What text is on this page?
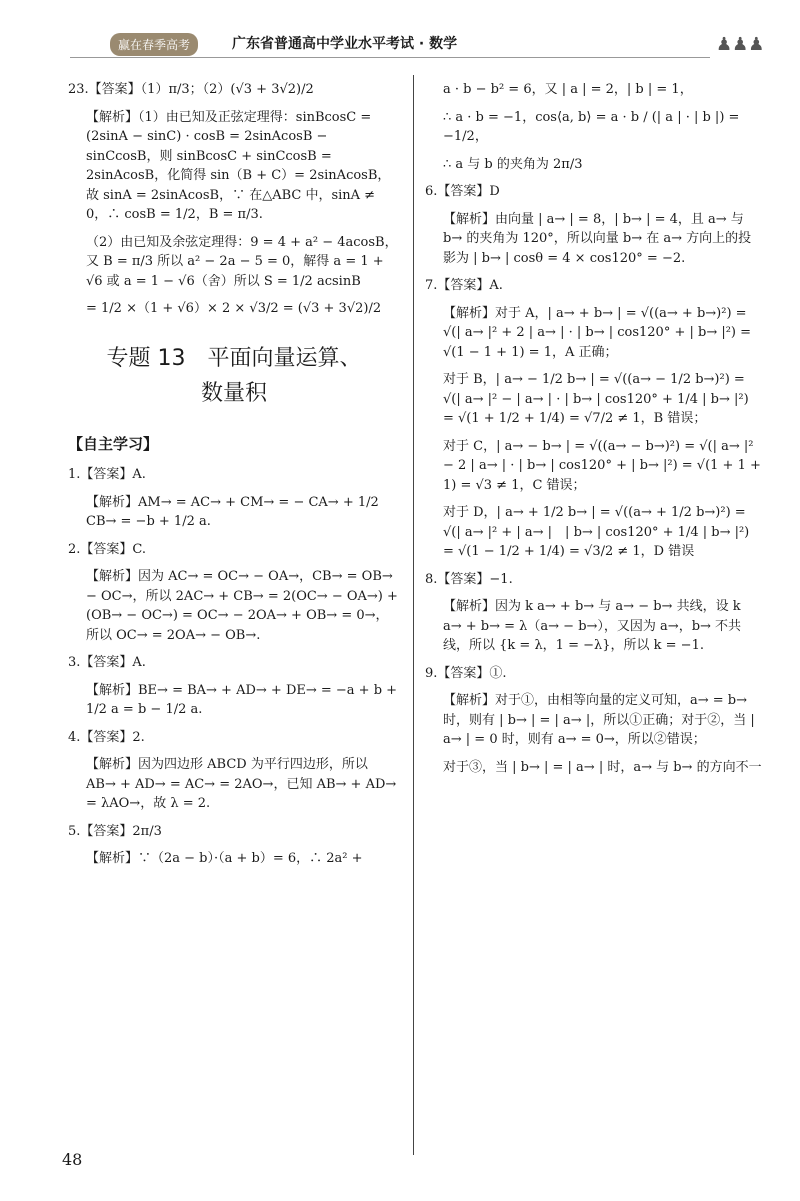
赢在春季高考	广东省普通高中学业水平考试 · 数学	♟♟♟

23.【答案】（1）π/3；（2）(√3 + 3√2)/2

【解析】（1）由已知及正弦定理得：sinBcosC = (2sinA − sinC) · cosB = 2sinAcosB − sinCcosB，则 sinBcosC + sinCcosB = 2sinAcosB，化简得 sin（B + C）= 2sinAcosB，故 sinA = 2sinAcosB，∵ 在△ABC 中，sinA ≠ 0，∴ cosB = 1/2，B = π/3.

（2）由已知及余弦定理得：9 = 4 + a² − 4acosB，又 B = π/3 所以 a² − 2a − 5 = 0，解得 a = 1 + √6 或 a = 1 − √6（舍）所以 S = 1/2 acsinB

= 1/2 ×（1 + √6）× 2 × √3/2 = (√3 + 3√2)/2

专题 13　平面向量运算、
数量积
【自主学习】

1.【答案】A.

【解析】AM→ = AC→ + CM→ = − CA→ + 1/2 CB→ = −b + 1/2 a.

2.【答案】C.

【解析】因为 AC→ = OC→ − OA→，CB→ = OB→ − OC→，所以 2AC→ + CB→ = 2(OC→ − OA→) + (OB→ − OC→) = OC→ − 2OA→ + OB→ = 0→，所以 OC→ = 2OA→ − OB→.

3.【答案】A.

【解析】BE→ = BA→ + AD→ + DE→ = −a + b + 1/2 a = b − 1/2 a.

4.【答案】2.

【解析】因为四边形 ABCD 为平行四边形，所以 AB→ + AD→ = AC→ = 2AO→，已知 AB→ + AD→ = λAO→，故 λ = 2.

5.【答案】2π/3

【解析】∵（2a − b）·（a + b）= 6，∴ 2a² +

a · b − b² = 6，又 | a | = 2，| b | = 1，

∴ a · b = −1，cos⟨a, b⟩ = a · b / (| a | · | b |) = −1/2，

∴ a 与 b 的夹角为 2π/3

6.【答案】D

【解析】由向量 | a→ | = 8，| b→ | = 4，且 a→ 与 b→ 的夹角为 120°，所以向量 b→ 在 a→ 方向上的投影为 | b→ | cosθ = 4 × cos120° = −2.

7.【答案】A.

【解析】对于 A，| a→ + b→ | = √((a→ + b→)²) = √(| a→ |² + 2 | a→ | · | b→ | cos120° + | b→ |²) = √(1 − 1 + 1) = 1，A 正确；

对于 B，| a→ − 1/2 b→ | = √((a→ − 1/2 b→)²) = √(| a→ |² − | a→ | · | b→ | cos120° + 1/4 | b→ |²) = √(1 + 1/2 + 1/4) = √7/2 ≠ 1，B 错误；

对于 C，| a→ − b→ | = √((a→ − b→)²) = √(| a→ |² − 2 | a→ | · | b→ | cos120° + | b→ |²) = √(1 + 1 + 1) = √3 ≠ 1，C 错误；

对于 D，| a→ + 1/2 b→ | = √((a→ + 1/2 b→)²) = √(| a→ |² + | a→ |　| b→ | cos120° + 1/4 | b→ |²) = √(1 − 1/2 + 1/4) = √3/2 ≠ 1，D 错误

8.【答案】−1.

【解析】因为 k a→ + b→ 与 a→ − b→ 共线，设 k a→ + b→ = λ（a→ − b→），又因为 a→，b→ 不共线，所以 {k = λ，1 = −λ}，所以 k = −1.

9.【答案】①.

【解析】对于①，由相等向量的定义可知，a→ = b→ 时，则有 | b→ | = | a→ |，所以①正确；对于②，当 | a→ | = 0 时，则有 a→ = 0→，所以②错误；

对于③，当 | b→ | = | a→ | 时，a→ 与 b→ 的方向不一

48
